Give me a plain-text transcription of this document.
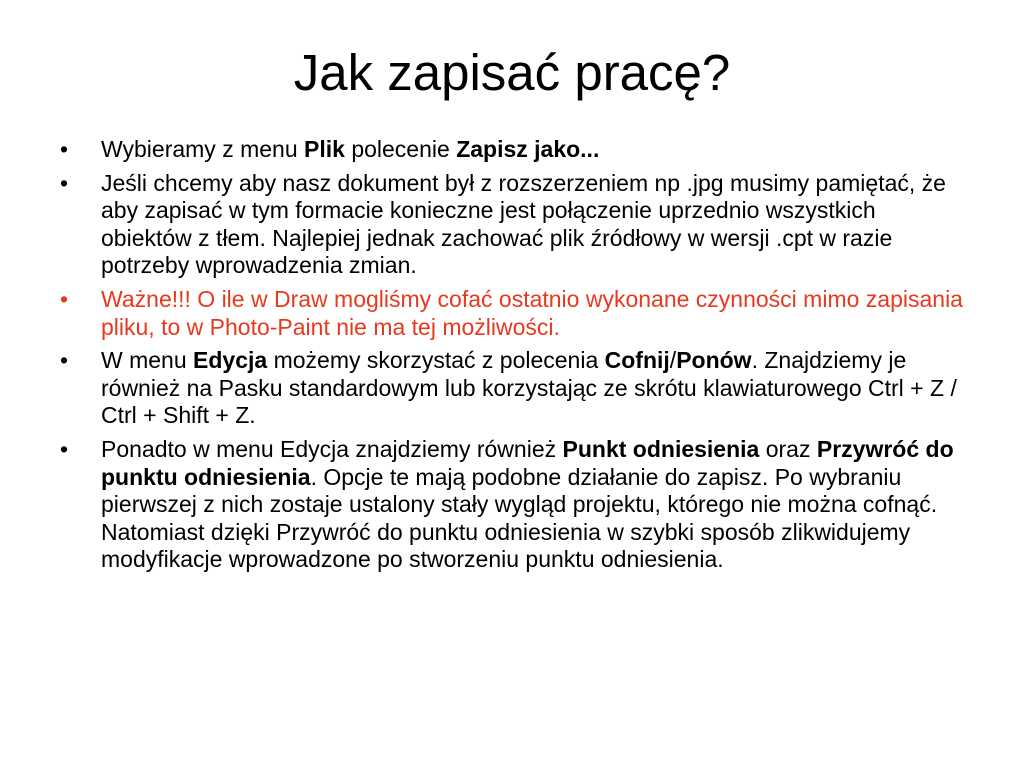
Jak zapisać pracę?
•	Wybieramy z menu Plik polecenie Zapisz jako...
•	Jeśli chcemy aby nasz dokument był z rozszerzeniem np .jpg musimy pamiętać, że aby zapisać w tym formacie konieczne jest połączenie uprzednio wszystkich obiektów z tłem. Najlepiej jednak zachować plik źródłowy w wersji .cpt w razie potrzeby wprowadzenia zmian.
•	Ważne!!! O ile w Draw mogliśmy cofać ostatnio wykonane czynności mimo zapisania pliku, to w Photo-Paint nie ma tej możliwości.
•	W menu Edycja możemy skorzystać z polecenia Cofnij/Ponów. Znajdziemy je również na Pasku standardowym lub korzystając ze skrótu klawiaturowego Ctrl + Z / Ctrl + Shift + Z.
•	Ponadto w menu Edycja znajdziemy również Punkt odniesienia oraz Przywróć do punktu odniesienia. Opcje te mają podobne działanie do zapisz. Po wybraniu pierwszej z nich zostaje ustalony stały wygląd projektu, którego nie można cofnąć. Natomiast dzięki Przywróć do punktu odniesienia w szybki sposób zlikwidujemy modyfikacje wprowadzone po stworzeniu punktu odniesienia.
